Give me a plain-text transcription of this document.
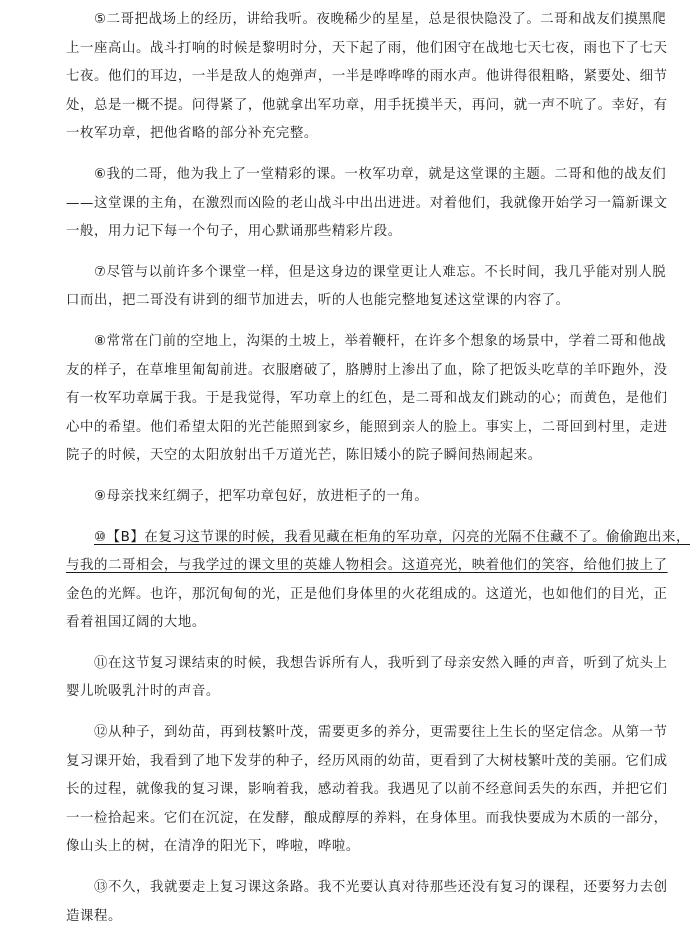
⑤二哥把战场上的经历，讲给我听。夜晚稀少的星星，总是很快隐没了。二哥和战友们摸黑爬
上一座高山。战斗打响的时候是黎明时分，天下起了雨，他们困守在战地七天七夜，雨也下了七天
七夜。他们的耳边，一半是敌人的炮弹声，一半是哗哗哗的雨水声。他讲得很粗略，紧要处、细节
处，总是一概不提。问得紧了，他就拿出军功章，用手抚摸半天，再问，就一声不吭了。幸好，有
一枚军功章，把他省略的部分补充完整。
⑥我的二哥，他为我上了一堂精彩的课。一枚军功章，就是这堂课的主题。二哥和他的战友们
——这堂课的主角，在激烈而凶险的老山战斗中出出进进。对着他们，我就像开始学习一篇新课文
一般，用力记下每一个句子，用心默诵那些精彩片段。
⑦尽管与以前许多个课堂一样，但是这身边的课堂更让人难忘。不长时间，我几乎能对别人脱
口而出，把二哥没有讲到的细节加进去，听的人也能完整地复述这堂课的内容了。
⑧常常在门前的空地上，沟渠的土坡上，举着鞭杆，在许多个想象的场景中，学着二哥和他战
友的样子，在草堆里匍匐前进。衣服磨破了，胳膊肘上渗出了血，除了把饭头吃草的羊吓跑外，没
有一枚军功章属于我。于是我觉得，军功章上的红色，是二哥和战友们跳动的心；而黄色，是他们
心中的希望。他们希望太阳的光芒能照到家乡，能照到亲人的脸上。事实上，二哥回到村里，走进
院子的时候，天空的太阳放射出千万道光芒，陈旧矮小的院子瞬间热闹起来。
⑨母亲找来红绸子，把军功章包好，放进柜子的一角。
⑩【B】在复习这节课的时候，我看见藏在柜角的军功章，闪亮的光隔不住藏不了。偷偷跑出来，
与我的二哥相会，与我学过的课文里的英雄人物相会。这道亮光，映着他们的笑容，给他们披上了
金色的光辉。也许，那沉甸甸的光，正是他们身体里的火花组成的。这道光，也如他们的目光，正
看着祖国辽阔的大地。
⑪在这节复习课结束的时候，我想告诉所有人，我听到了母亲安然入睡的声音，听到了炕头上
婴儿吮吸乳汁时的声音。
⑫从种子，到幼苗，再到枝繁叶茂，需要更多的养分，更需要往上生长的坚定信念。从第一节
复习课开始，我看到了地下发芽的种子，经历风雨的幼苗，更看到了大树枝繁叶茂的美丽。它们成
长的过程，就像我的复习课，影响着我，感动着我。我遇见了以前不经意间丢失的东西，并把它们
一一检拾起来。它们在沉淀，在发酵，酿成醇厚的养料，在身体里。而我快要成为木质的一部分，
像山头上的树，在清净的阳光下，哗啦，哗啦。
⑬不久，我就要走上复习课这条路。我不光要认真对待那些还没有复习的课程，还要努力去创
造课程。
